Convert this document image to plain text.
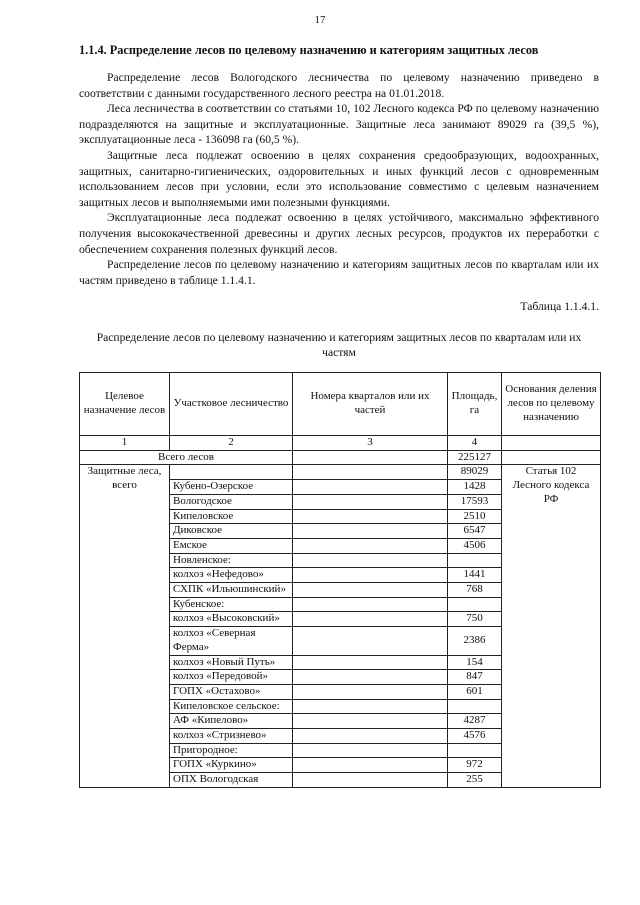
17
1.1.4. Распределение лесов по целевому назначению и категориям защитных лесов

Распределение лесов Вологодского лесничества по целевому назначению приведено в соответствии с данными государственного лесного реестра на 01.01.2018.

Леса лесничества в соответствии со статьями 10, 102 Лесного кодекса РФ по целевому назначению подразделяются на защитные и эксплуатационные. Защитные леса занимают 89029 га (39,5 %), эксплуатационные леса - 136098 га (60,5 %).

Защитные леса подлежат освоению в целях сохранения средообразующих, водоохранных, защитных, санитарно-гигиенических, оздоровительных и иных функций лесов с одновременным использованием лесов при условии, если это использование совместимо с целевым назначением защитных лесов и выполняемыми ими полезными функциями.

Эксплуатационные леса подлежат освоению в целях устойчивого, максимально эффективного получения высококачественной древесины и других лесных ресурсов, продуктов их переработки с обеспечением сохранения полезных функций лесов.

Распределение лесов по целевому назначению и категориям защитных лесов по кварталам или их частям приведено в таблице 1.1.4.1.

Таблица 1.1.4.1.
Распределение лесов по целевому назначению и категориям защитных лесов по кварталам или их частям
Целевое назначение лесов	Участковое лесничество	Номера кварталов или их частей	Площадь, га	Основания деления лесов по целевому назначению
1	2	3	4	
Всего лесов			225127	
Защитные леса, всего			89029	Статья 102 Лесного кодекса РФ
	Кубено-Озерское		1428	
	Вологодское		17593	
	Кипеловское		2510	
	Диковское		6547	
	Емское		4506	
	Новленское:			
	колхоз «Нефедово»		1441	
	СХПК «Ильюшинский»		768	
	Кубенское:			
	колхоз «Высоковский»		750	
	колхоз «Северная Ферма»		2386	
	колхоз «Новый Путь»		154	
	колхоз «Передовой»		847	
	ГОПХ «Остахово»		601	
	Кипеловское сельское:			
	АФ «Кипелово»		4287	
	колхоз «Стризнево»		4576	
	Пригородное:			
	ГОПХ «Куркино»		972	
	ОПХ Вологодская		255	
